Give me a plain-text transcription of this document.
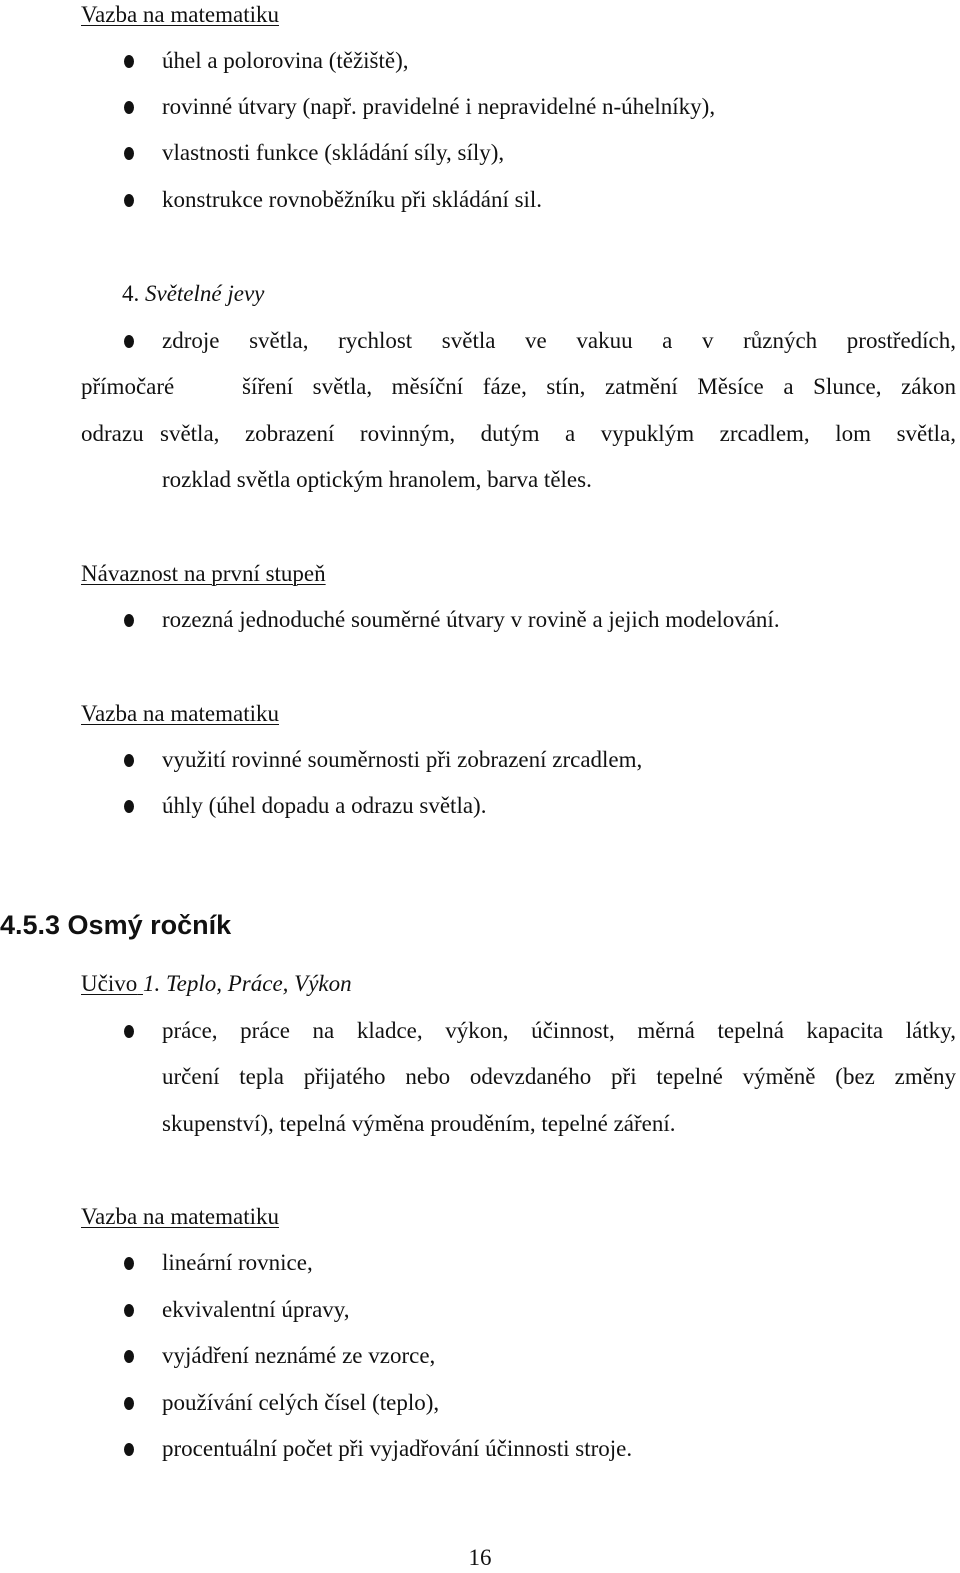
Vazba na matematiku
úhel a polorovina (těžiště),
rovinné útvary (např. pravidelné i nepravidelné n-úhelníky),
vlastnosti funkce (skládání síly, síly),
konstrukce rovnoběžníku při skládání sil.
4. Světelné jevy
zdroje světla, rychlost světla ve vakuu a v různých prostředích,
přímočaré	šíření světla, měsíční fáze, stín, zatmění Měsíce a Slunce, zákon
odrazu světla, zobrazení rovinným, dutým a vypuklým zrcadlem, lom světla,
rozklad světla optickým hranolem, barva těles.
Návaznost na první stupeň
rozezná jednoduché souměrné útvary v rovině a jejich modelování.
Vazba na matematiku
využití rovinné souměrnosti při zobrazení zrcadlem,
úhly (úhel dopadu a odrazu světla).
4.5.3 Osmý ročník
Učivo 1. Teplo, Práce, Výkon
práce, práce na kladce, výkon, účinnost, měrná tepelná kapacita látky,
určení tepla přijatého nebo odevzdaného při tepelné výměně (bez změny
skupenství), tepelná výměna prouděním, tepelné záření.
Vazba na matematiku
lineární rovnice,
ekvivalentní úpravy,
vyjádření neznámé ze vzorce,
používání celých čísel (teplo),
procentuální počet při vyjadřování účinnosti stroje.
16
